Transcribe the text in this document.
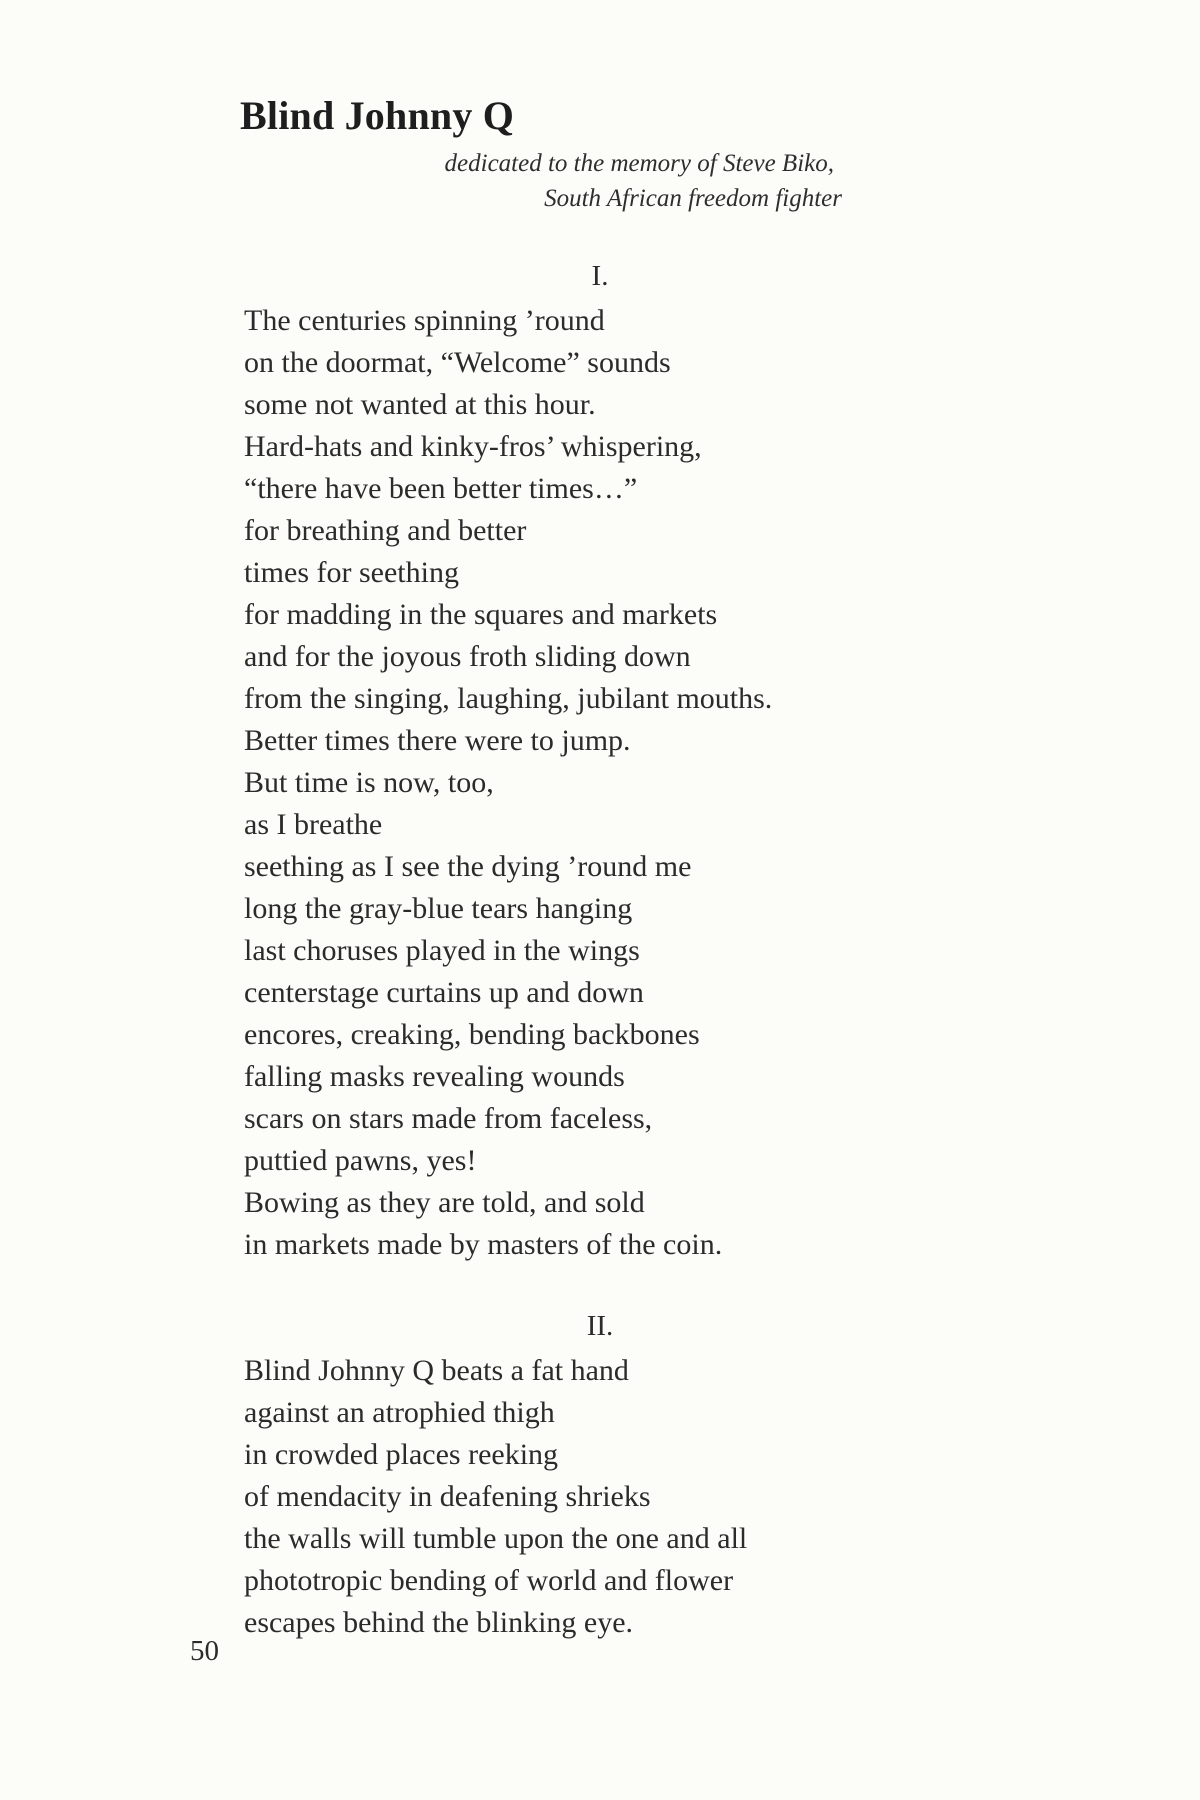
Blind Johnny Q
dedicated to the memory of Steve Biko,
South African freedom fighter
I.
The centuries spinning ’round
on the doormat, “Welcome” sounds
some not wanted at this hour.
Hard-hats and kinky-fros’ whispering,
“there have been better times…”
for breathing and better
times for seething
for madding in the squares and markets
and for the joyous froth sliding down
from the singing, laughing, jubilant mouths.
Better times there were to jump.
But time is now, too,
as I breathe
seething as I see the dying ’round me
long the gray-blue tears hanging
last choruses played in the wings
centerstage curtains up and down
encores, creaking, bending backbones
falling masks revealing wounds
scars on stars made from faceless,
puttied pawns, yes!
Bowing as they are told, and sold
in markets made by masters of the coin.
II.
Blind Johnny Q beats a fat hand
against an atrophied thigh
in crowded places reeking
of mendacity in deafening shrieks
the walls will tumble upon the one and all
phototropic bending of world and flower
escapes behind the blinking eye.
50
